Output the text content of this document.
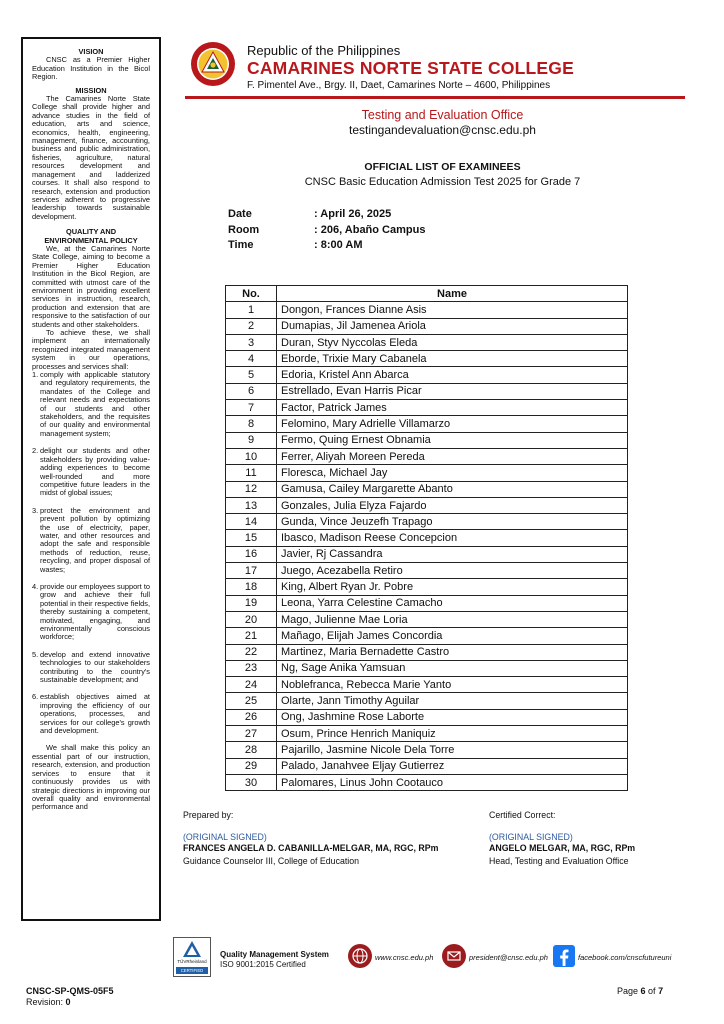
VISION

CNSC as a Premier Higher Education Institution in the Bicol Region.

MISSION

The Camarines Norte State College shall provide higher and advance studies in the field of education, arts and science, economics, health, engineering, management, finance, accounting, business and public administration, fisheries, agriculture, natural resources development and management and ladderized courses. It shall also respond to research, extension and production services adherent to progressive leadership towards sustainable development.

QUALITY AND

ENVIRONMENTAL POLICY

We, at the Camarines Norte State College, aiming to become a Premier Higher Education Institution in the Bicol Region, are committed with utmost care of the environment in providing excellent services in instruction, research, production and extension that are responsive to the satisfaction of our students and other stakeholders.

To achieve these, we shall implement an internationally recognized integrated management system in our operations, processes and services shall:

1. comply with applicable statutory and regulatory requirements, the mandates of the College and relevant needs and expectations of our students and other stakeholders, and the requisites of our quality and environmental management system;
2. delight our students and other stakeholders by providing value-adding experiences to become well-rounded and more competitive future leaders in the midst of global issues;
3. protect the environment and prevent pollution by optimizing the use of electricity, paper, water, and other resources and adopt the safe and responsible methods of reduction, reuse, recycling, and proper disposal of wastes;
4. provide our employees support to grow and achieve their full potential in their respective fields, thereby sustaining a competent, motivated, engaging, and environmentally conscious workforce;
5. develop and extend innovative technologies to our stakeholders contributing to the country's sustainable development; and
6. establish objectives aimed at improving the efficiency of our operations, processes, and services for our college's growth and development.

We shall make this policy an essential part of our instruction, research, extension, and production services to ensure that it continuously provides us with strategic directions in improving our overall quality and environmental performance and

Republic of the Philippines
CAMARINES NORTE STATE COLLEGE
F. Pimentel Ave., Brgy. II, Daet, Camarines Norte – 4600, Philippines
Testing and Evaluation Office
testingandevaluation@cnsc.edu.ph
OFFICIAL LIST OF EXAMINEES
CNSC Basic Education Admission Test 2025 for Grade 7
Date	: April 26, 2025
Room	: 206, Abaño Campus
Time	: 8:00 AM
No.	Name
1	Dongon, Frances Dianne Asis
2	Dumapias, Jil Jamenea Ariola
3	Duran, Styv Nyccolas Eleda
4	Eborde, Trixie Mary Cabanela
5	Edoria, Kristel Ann Abarca
6	Estrellado, Evan Harris Picar
7	Factor, Patrick James
8	Felomino, Mary Adrielle Villamarzo
9	Fermo, Quing Ernest Obnamia
10	Ferrer, Aliyah Moreen Pereda
11	Floresca, Michael Jay
12	Gamusa, Cailey Margarette Abanto
13	Gonzales, Julia Elyza Fajardo
14	Gunda, Vince Jeuzefh Trapago
15	Ibasco, Madison Reese Concepcion
16	Javier, Rj Cassandra
17	Juego, Acezabella Retiro
18	King, Albert Ryan Jr. Pobre
19	Leona, Yarra Celestine Camacho
20	Mago, Julienne Mae Loria
21	Mañago, Elijah James Concordia
22	Martinez, Maria Bernadette Castro
23	Ng, Sage Anika Yamsuan
24	Noblefranca, Rebecca Marie Yanto
25	Olarte, Jann Timothy Aguilar
26	Ong, Jashmine Rose Laborte
27	Osum, Prince Henrich Maniquiz
28	Pajarillo, Jasmine Nicole Dela Torre
29	Palado, Janahvee Eljay Gutierrez
30	Palomares, Linus John Cootauco
Prepared by:
(ORIGINAL SIGNED)
FRANCES ANGELA D. CABANILLA-MELGAR, MA, RGC, RPm
Guidance Counselor III, College of Education
Certified Correct:
(ORIGINAL SIGNED)
ANGELO MELGAR, MA, RGC, RPm
Head, Testing and Evaluation Office
TÜVRheinland
CERTIFIED
Quality Management System
ISO 9001:2015 Certified
www.cnsc.edu.ph	president@cnsc.edu.ph	facebook.com/cnscfutureuni
CNSC-SP-QMS-05F5
Revision: 0
Page 6 of 7
